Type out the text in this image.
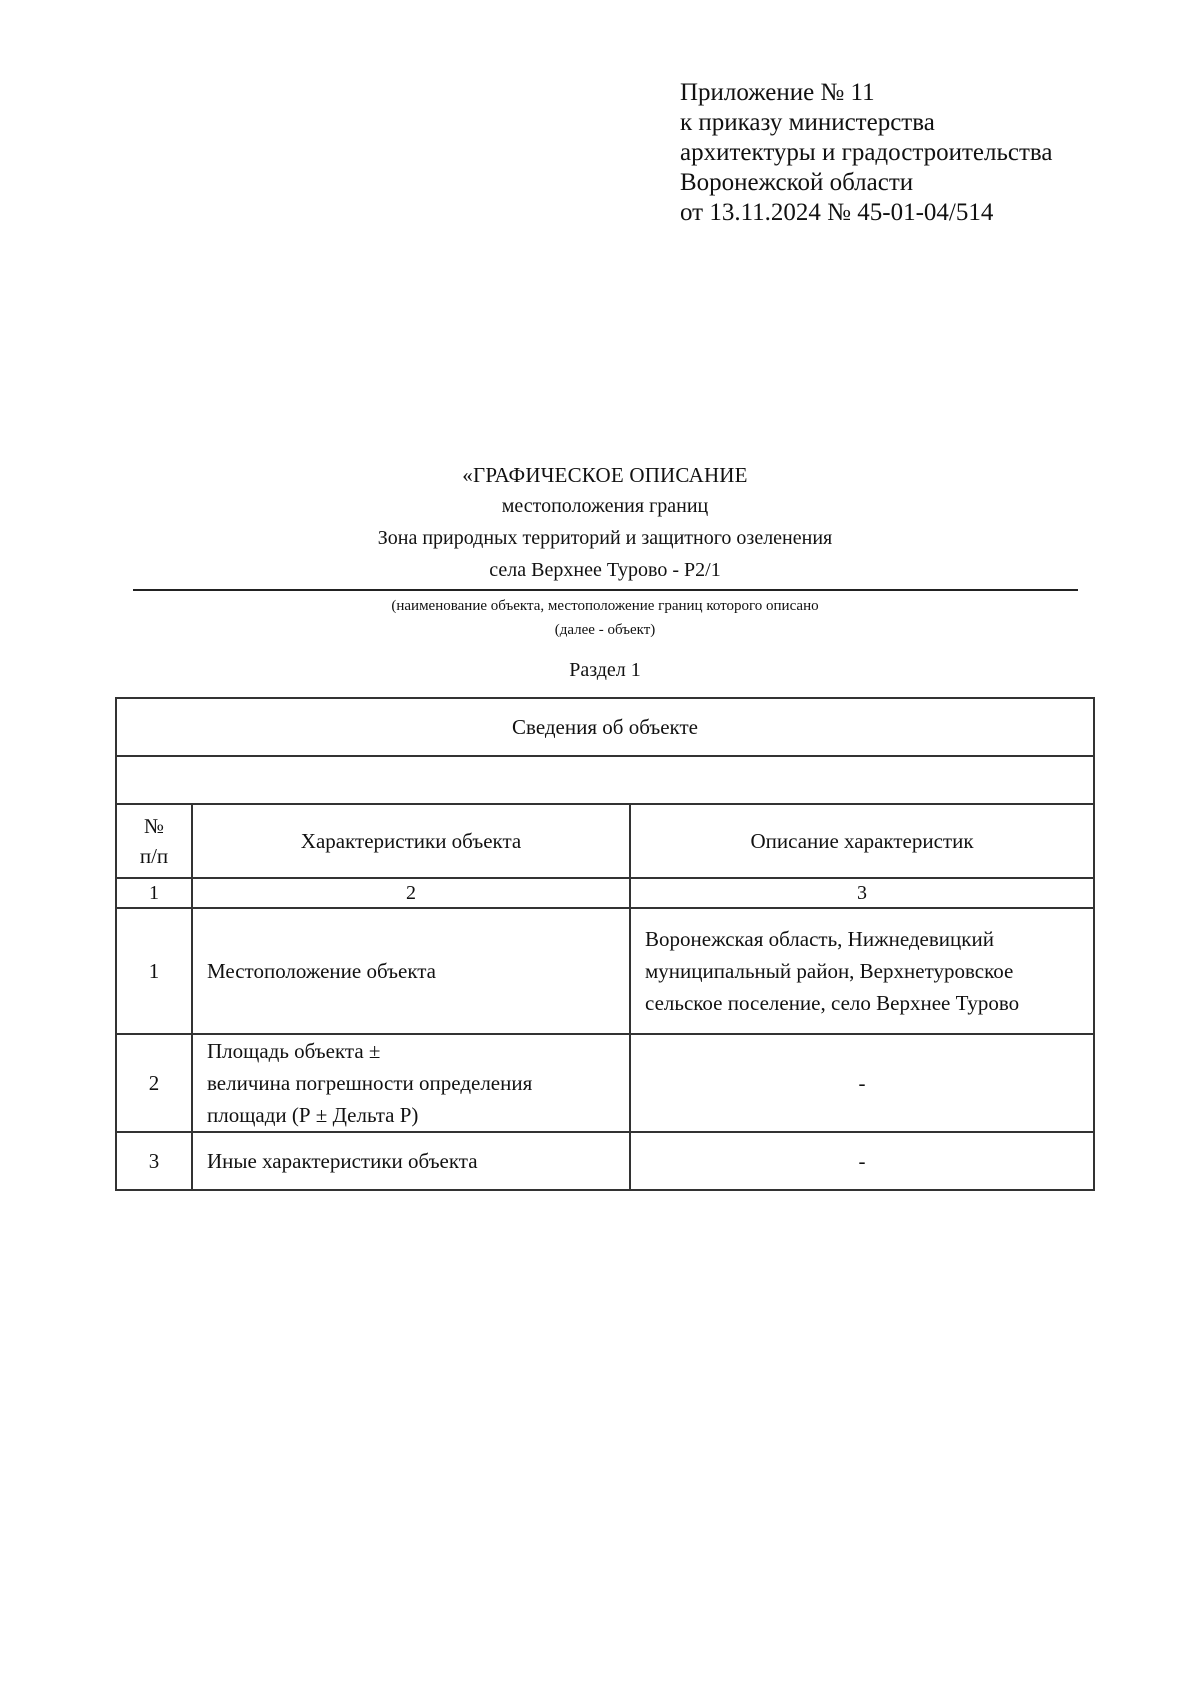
Приложение № 11
к приказу министерства
архитектуры и градостроительства
Воронежской области
от 13.11.2024 № 45-01-04/514
«ГРАФИЧЕСКОЕ ОПИСАНИЕ
местоположения границ
Зона природных территорий и защитного озеленения
села Верхнее Турово - Р2/1
(наименование объекта, местоположение границ которого описано
(далее - объект)
Раздел 1
Сведения об объекте		

№
п/п	Характеристики объекта	Описание характеристик
1	2	3
1	Местоположение объекта	Воронежская область, Нижнедевицкий
муниципальный район, Верхнетуровское
сельское поселение, село Верхнее Турово
2	Площадь объекта ±
величина погрешности определения
площади (Р ± Дельта Р)	-
3	Иные характеристики объекта	-
